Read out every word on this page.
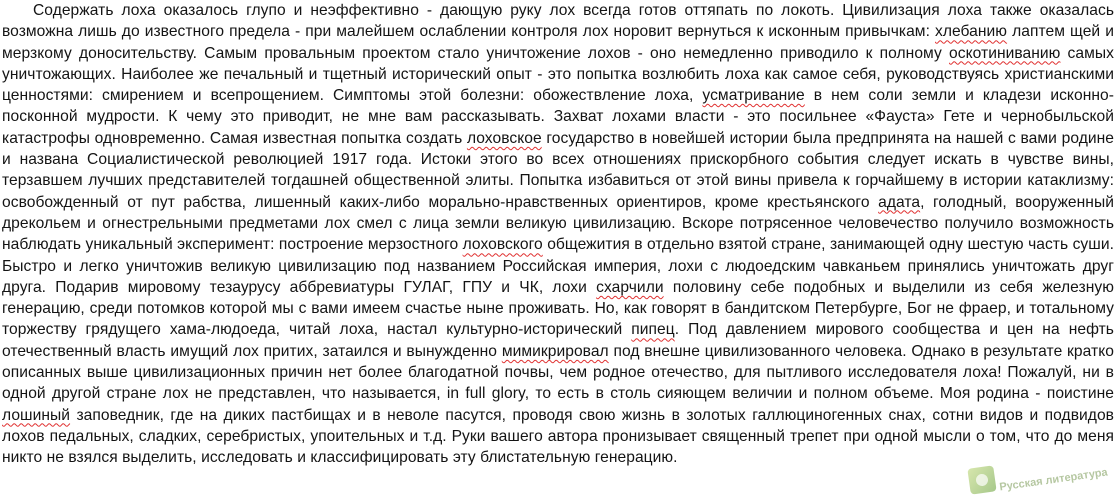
Содержать лоха оказалось глупо и неэффективно - дающую руку лох всегда готов оттяпать по локоть. Цивилизация лоха также оказалась возможна лишь до известного предела - при малейшем ослаблении контроля лох норовит вернуться к исконным привычкам: хлебанию лаптем щей и мерзкому доносительству. Самым провальным проектом стало уничтожение лохов - оно немедленно приводило к полному оскотиниванию самых уничтожающих. Наиболее же печальный и тщетный исторический опыт - это попытка возлюбить лоха как самое себя, руководствуясь христианскими ценностями: смирением и всепрощением. Симптомы этой болезни: обожествление лоха, усматривание в нем соли земли и кладези исконно-посконной мудрости. К чему это приводит, не мне вам рассказывать. Захват лохами власти - это посильнее «Фауста» Гете и чернобыльской катастрофы одновременно. Самая известная попытка создать лоховское государство в новейшей истории была предпринята на нашей с вами родине и названа Социалистической революцией 1917 года. Истоки этого во всех отношениях прискорбного события следует искать в чувстве вины, терзавшем лучших представителей тогдашней общественной элиты. Попытка избавиться от этой вины привела к горчайшему в истории катаклизму: освобожденный от пут рабства, лишенный каких-либо морально-нравственных ориентиров, кроме крестьянского адата, голодный, вооруженный дрекольем и огнестрельными предметами лох смел с лица земли великую цивилизацию. Вскоре потрясенное человечество получило возможность наблюдать уникальный эксперимент: построение мерзостного лоховского общежития в отдельно взятой стране, занимающей одну шестую часть суши. Быстро и легко уничтожив великую цивилизацию под названием Российская империя, лохи с людоедским чавканьем принялись уничтожать друг друга. Подарив мировому тезаурусу аббревиатуры ГУЛАГ, ГПУ и ЧК, лохи схарчили половину себе подобных и выделили из себя железную генерацию, среди потомков которой мы с вами имеем счастье ныне проживать. Но, как говорят в бандитском Петербурге, Бог не фраер, и тотальному торжеству грядущего хама-людоеда, читай лоха, настал культурно-исторический пипец. Под давлением мирового сообщества и цен на нефть отечественный власть имущий лох притих, затаился и вынужденно мимикрировал под внешне цивилизованного человека. Однако в результате кратко описанных выше цивилизационных причин нет более благодатной почвы, чем родное отечество, для пытливого исследователя лоха! Пожалуй, ни в одной другой стране лох не представлен, что называется, in full glory, то есть в столь сияющем величии и полном объеме. Моя родина - поистине лошиный заповедник, где на диких пастбищах и в неволе пасутся, проводя свою жизнь в золотых галлюциногенных снах, сотни видов и подвидов лохов педальных, сладких, серебристых, упоительных и т.д. Руки вашего автора пронизывает священный трепет при одной мысли о том, что до меня никто не взялся выделить, исследовать и классифицировать эту блистательную генерацию.

Русская литература
